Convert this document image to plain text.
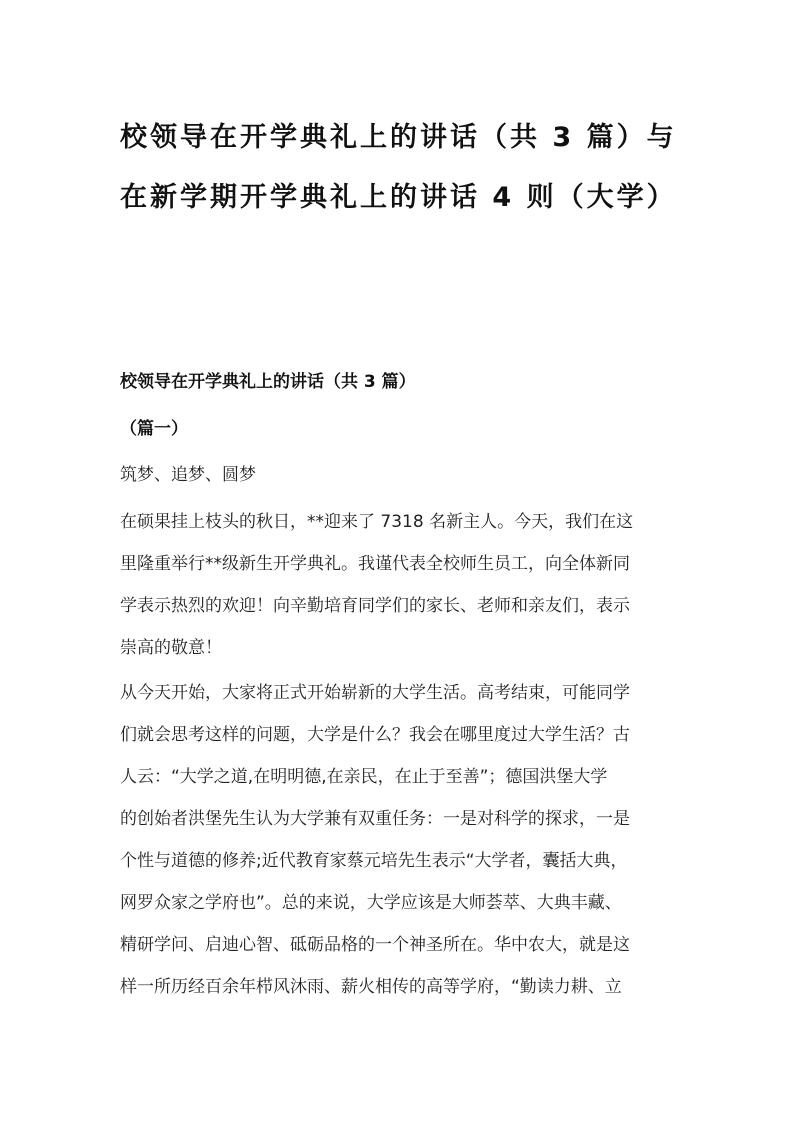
校领导在开学典礼上的讲话（共 3 篇）与
在新学期开学典礼上的讲话 4 则（大学）
校领导在开学典礼上的讲话（共 3 篇）
（篇一）

筑梦、追梦、圆梦

在硕果挂上枝头的秋日，**迎来了 7318 名新主人。今天，我们在这
里隆重举行**级新生开学典礼。我谨代表全校师生员工，向全体新同
学表示热烈的欢迎！向辛勤培育同学们的家长、老师和亲友们，表示
崇高的敬意！
从今天开始，大家将正式开始崭新的大学生活。高考结束，可能同学
们就会思考这样的问题，大学是什么？我会在哪里度过大学生活？古
人云：“大学之道,在明明德,在亲民，在止于至善”；德国洪堡大学
的创始者洪堡先生认为大学兼有双重任务：一是对科学的探求，一是
个性与道德的修养;近代教育家蔡元培先生表示“大学者，囊括大典，
网罗众家之学府也”。总的来说，大学应该是大师荟萃、大典丰藏、
精研学问、启迪心智、砥砺品格的一个神圣所在。华中农大，就是这
样一所历经百余年栉风沐雨、薪火相传的高等学府，“勤读力耕、立
